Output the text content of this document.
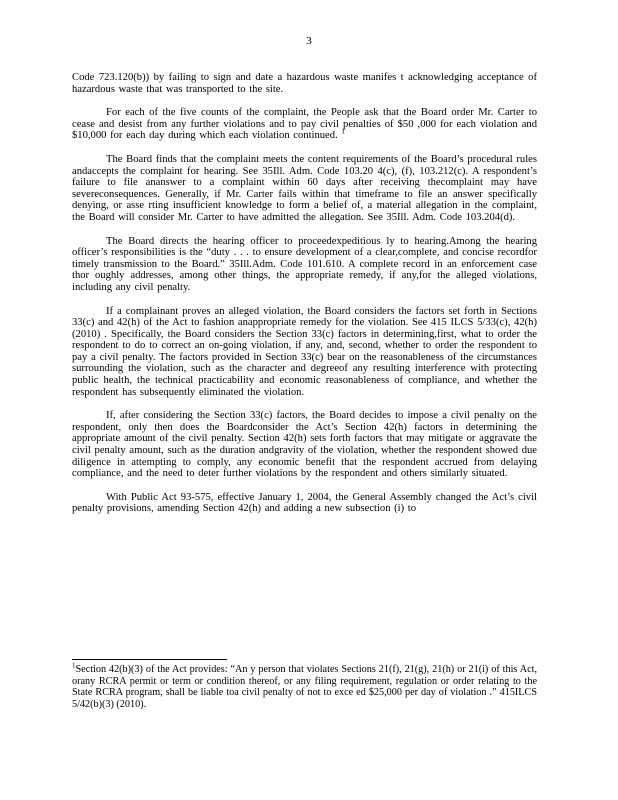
3

Code 723.120(b)) by failing to sign and date a hazardous waste manifes t acknowledging acceptance of hazardous waste that was transported to the site.

For each of the five counts of the complaint, the People ask that the Board order Mr. Carter to cease and desist from any further violations and to pay civil penalties of $50 ,000 for each violation and $10,000 for each day during which each violation continued. $^1$

The Board finds that the complaint meets the content requirements of the Board’s procedural rules andaccepts the complaint for hearing. See 35Ill. Adm. Code 103.20 4(c), (f), 103.212(c). A respondent’s failure to file ananswer to a complaint within 60 days after receiving thecomplaint may have severeconsequences. Generally, if Mr. Carter fails within that timeframe to file an answer specifically denying, or asse rting insufficient knowledge to form a belief of, a material allegation in the complaint, the Board will consider Mr. Carter to have admitted the allegation. See 35Ill. Adm. Code 103.204(d).

The Board directs the hearing officer to proceedexpeditious ly to hearing.Among the hearing officer’s responsibilities is the “duty . . . to ensure development of a clear,complete, and concise recordfor timely transmission to the Board.” 35Ill.Adm. Code 101.610. A complete record in an enforcement case thor oughly addresses, among other things, the appropriate remedy, if any,for the alleged violations, including any civil penalty.

If a complainant proves an alleged violation, the Board considers the factors set forth in Sections 33(c) and 42(h) of the Act to fashion anappropriate remedy for the violation. See 415 ILCS 5/33(c), 42(h) (2010) . Specifically, the Board considers the Section 33(c) factors in determining,first, what to order the respondent to do to correct an on-going violation, if any, and, second, whether to order the respondent to pay a civil penalty. The factors provided in Section 33(c) bear on the reasonableness of the circumstances surrounding the violation, such as the character and degreeof any resulting interference with protecting public health, the technical practicability and economic reasonableness of compliance, and whether the respondent has subsequently eliminated the violation.

If, after considering the Section 33(c) factors, the Board decides to impose a civil penalty on the respondent, only then does the Boardconsider the Act’s Section 42(h) factors in determining the appropriate amount of the civil penalty. Section 42(h) sets forth factors that may mitigate or aggravate the civil penalty amount, such as the duration andgravity of the violation, whether the respondent showed due diligence in attempting to comply, any economic benefit that the respondent accrued from delaying compliance, and the need to deter further violations by the respondent and others similarly situated.

With Public Act 93-575, effective January 1, 2004, the General Assembly changed the Act’s civil penalty provisions, amending Section 42(h) and adding a new subsection (i) to

$^1$Section 42(b)(3) of the Act provides: “An y person that violates Sections 21(f), 21(g), 21(h) or 21(i) of this Act, orany RCRA permit or term or condition thereof, or any filing requirement, regulation or order relating to the State RCRA program, shall be liable toa civil penalty of not to exce ed $25,000 per day of violation .” 415ILCS 5/42(b)(3) (2010).
